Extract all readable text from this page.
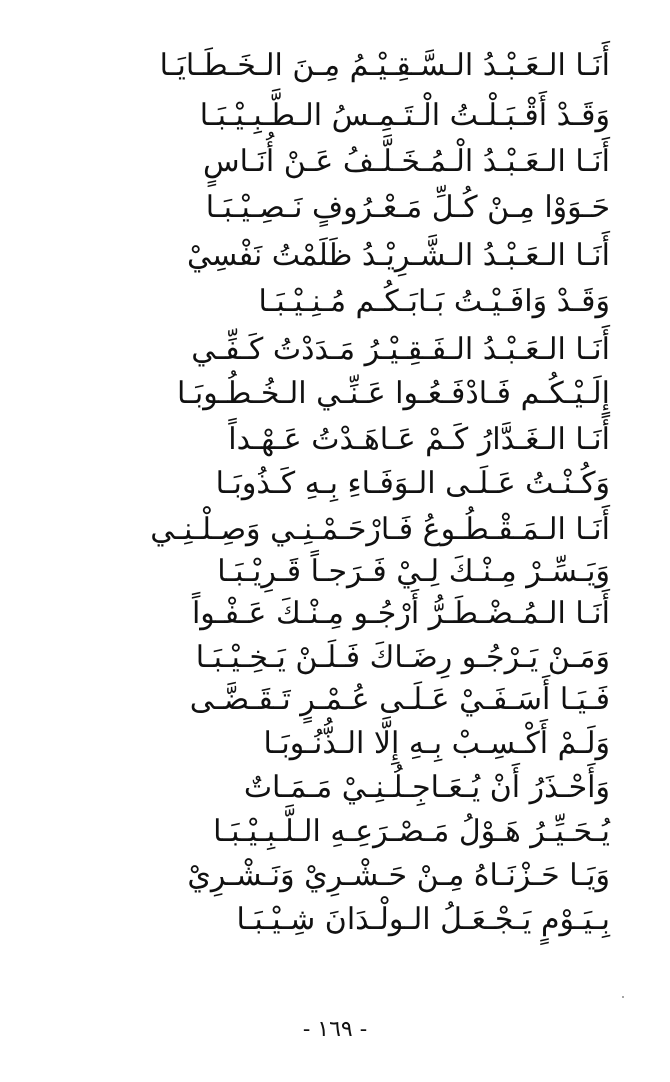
أَنَـا الـعَـبْـدُ الـسَّـقِـيْـمُ مِـنَ الـخَـطَـايَـا
وَقَـدْ أَقْـبَـلْـتُ الْـتَـمِـسُ الـطَّـبِـيْـبَـا
أَنَـا الـعَـبْـدُ الْـمُـخَـلَّـفُ عَـنْ أُنَـاسٍ
حَـوَوْا مِـنْ كُـلِّ مَـعْـرُوفٍ نَـصِـيْـبَـا
أَنَـا الـعَـبْـدُ الـشَّـرِيْـدُ ظَلَمْتُ نَفْسِيْ
وَقَـدْ وَافَـيْـتُ بَـابَـكُـم مُـنِـيْـبَـا
أَنَـا الـعَـبْـدُ الـفَـقِـيْـرُ مَـدَدْتُ كَـفِّـي
إِلَـيْـكُـم فَـادْفَـعُـوا عَـنِّـي الـخُـطُـوبَـا
أَنَـا الـغَـدَّارُ كَـمْ عَـاهَـدْتُ عَـهْـداً
وَكُـنْـتُ عَـلَـى الـوَفَـاءِ بِـهِ كَـذُوبَـا
أَنَـا الـمَـقْـطُـوعُ فَـارْحَـمْـنِـي وَصِـلْـنِـي
وَيَـسِّـرْ مِـنْـكَ لِـيْ فَـرَجـاً قَـرِيْـبَـا
أَنَـا الـمُـضْـطَـرُّ أَرْجُـو مِـنْـكَ عَـفْـواً
وَمَـنْ يَـرْجُـو رِضَـاكَ فَـلَـنْ يَـخِـيْـبَـا
فَـيَـا أَسَـفَـيْ عَـلَـى عُـمْـرٍ تَـقَـضَّـى
وَلَـمْ أَكْـسِـبْ بِـهِ إِلَّا الـذُّنُـوبَـا
وَأَحْـذَرُ أَنْ يُـعَـاجِـلُـنِـيْ مَـمَـاتٌ
يُـحَـيِّـرُ هَـوْلُ مَـصْـرَعِـهِ الـلَّـبِـيْـبَـا
وَيَـا حَـزْنَـاهُ مِـنْ حَـشْـرِيْ وَنَـشْـرِيْ
بِـيَـوْمٍ يَـجْـعَـلُ الـولْـدَانَ شِـيْـبَـا
- ١٦٩ -
